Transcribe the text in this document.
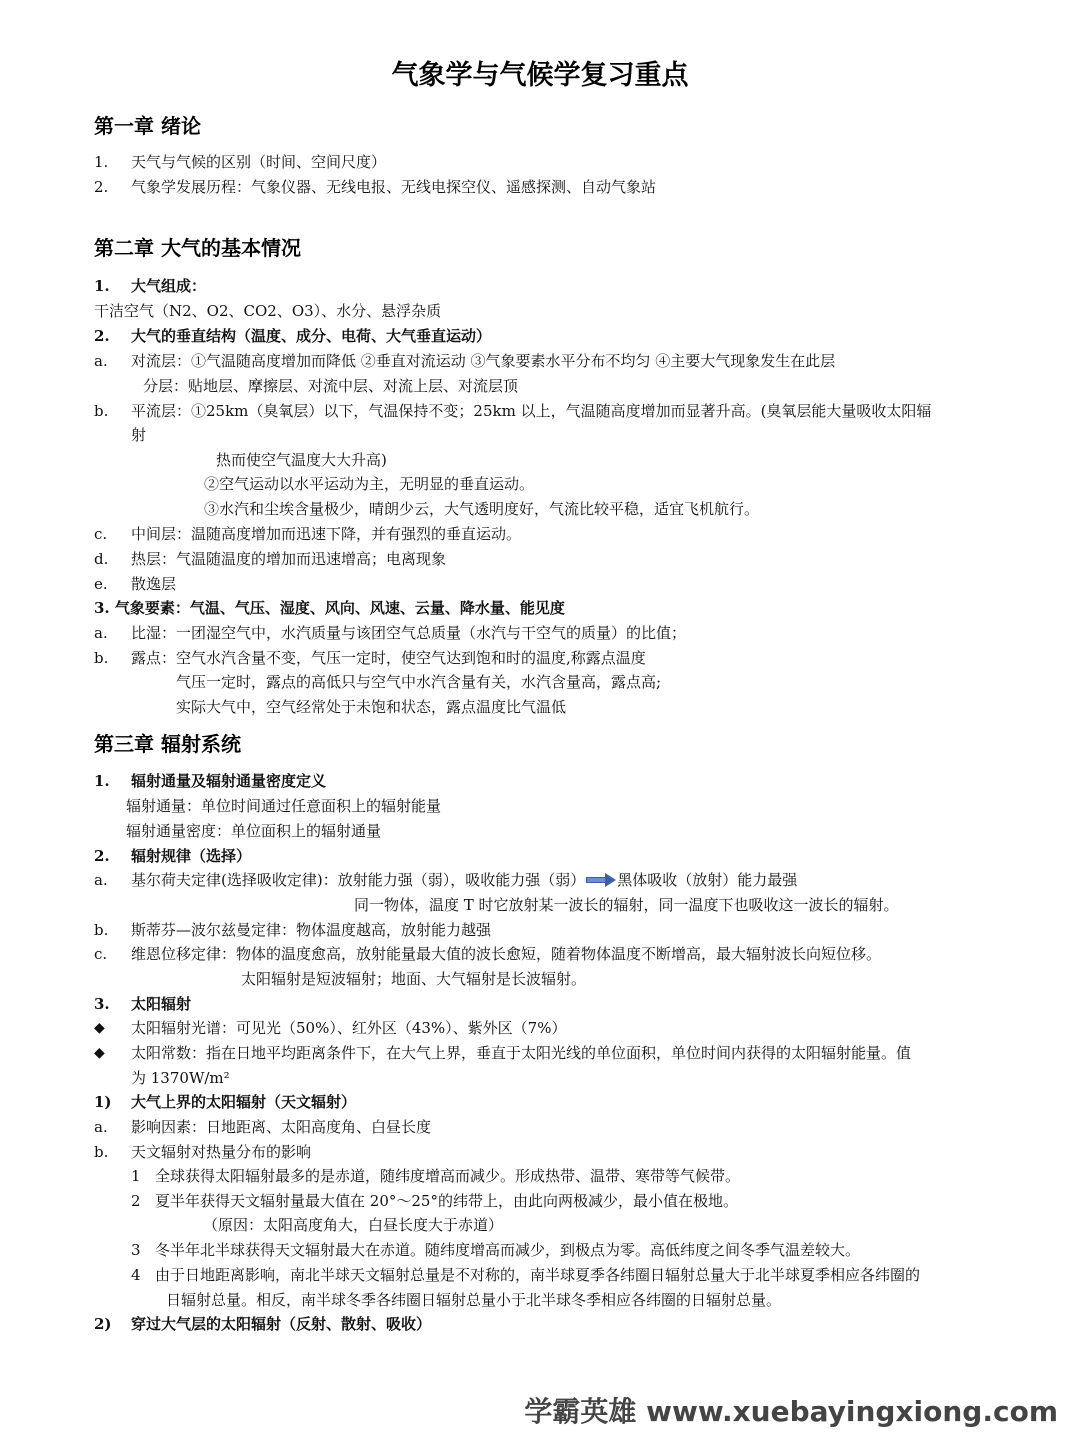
气象学与气候学复习重点
第一章 绪论
1. 天气与气候的区别（时间、空间尺度）
2. 气象学发展历程：气象仪器、无线电报、无线电探空仪、遥感探测、自动气象站
第二章 大气的基本情况
1. 大气组成：
干洁空气（N2、O2、CO2、O3）、水分、悬浮杂质
2. 大气的垂直结构（温度、成分、电荷、大气垂直运动）
a. 对流层：①气温随高度增加而降低 ②垂直对流运动 ③气象要素水平分布不均匀 ④主要大气现象发生在此层
分层：贴地层、摩擦层、对流中层、对流上层、对流层顶
b. 平流层：①25km（臭氧层）以下，气温保持不变；25km 以上，气温随高度增加而显著升高。(臭氧层能大量吸收太阳辐
射
热而使空气温度大大升高)
②空气运动以水平运动为主，无明显的垂直运动。
③水汽和尘埃含量极少，晴朗少云，大气透明度好，气流比较平稳，适宜飞机航行。
c. 中间层：温随高度增加而迅速下降，并有强烈的垂直运动。
d. 热层：气温随温度的增加而迅速增高；电离现象
e. 散逸层
3. 气象要素：气温、气压、湿度、风向、风速、云量、降水量、能见度
a. 比湿：一团湿空气中，水汽质量与该团空气总质量（水汽与干空气的质量）的比值；
b. 露点：空气水汽含量不变，气压一定时，使空气达到饱和时的温度,称露点温度
气压一定时，露点的高低只与空气中水汽含量有关，水汽含量高，露点高;
实际大气中，空气经常处于未饱和状态，露点温度比气温低
第三章 辐射系统
1. 辐射通量及辐射通量密度定义
辐射通量：单位时间通过任意面积上的辐射能量
辐射通量密度：单位面积上的辐射通量
2. 辐射规律（选择）
a. 基尔荷夫定律(选择吸收定律)：放射能力强（弱），吸收能力强（弱） 黑体吸收（放射）能力最强
同一物体，温度 T 时它放射某一波长的辐射，同一温度下也吸收这一波长的辐射。
b. 斯蒂芬—波尔兹曼定律：物体温度越高，放射能力越强
c. 维恩位移定律：物体的温度愈高，放射能量最大值的波长愈短，随着物体温度不断增高，最大辐射波长向短位移。
太阳辐射是短波辐射；地面、大气辐射是长波辐射。
3. 太阳辐射
◆ 太阳辐射光谱：可见光（50%）、红外区（43%）、紫外区（7%）
◆ 太阳常数：指在日地平均距离条件下，在大气上界，垂直于太阳光线的单位面积，单位时间内获得的太阳辐射能量。值
为 1370W/m²
1) 大气上界的太阳辐射（天文辐射）
a. 影响因素：日地距离、太阳高度角、白昼长度
b. 天文辐射对热量分布的影响
1 全球获得太阳辐射最多的是赤道，随纬度增高而减少。形成热带、温带、寒带等气候带。
2 夏半年获得天文辐射量最大值在 20°～25°的纬带上，由此向两极减少，最小值在极地。
（原因：太阳高度角大，白昼长度大于赤道）
3 冬半年北半球获得天文辐射最大在赤道。随纬度增高而减少，到极点为零。高低纬度之间冬季气温差较大。
4 由于日地距离影响，南北半球天文辐射总量是不对称的，南半球夏季各纬圈日辐射总量大于北半球夏季相应各纬圈的
日辐射总量。相反，南半球冬季各纬圈日辐射总量小于北半球冬季相应各纬圈的日辐射总量。
2) 穿过大气层的太阳辐射（反射、散射、吸收）
学霸英雄 www.xuebayingxiong.com
